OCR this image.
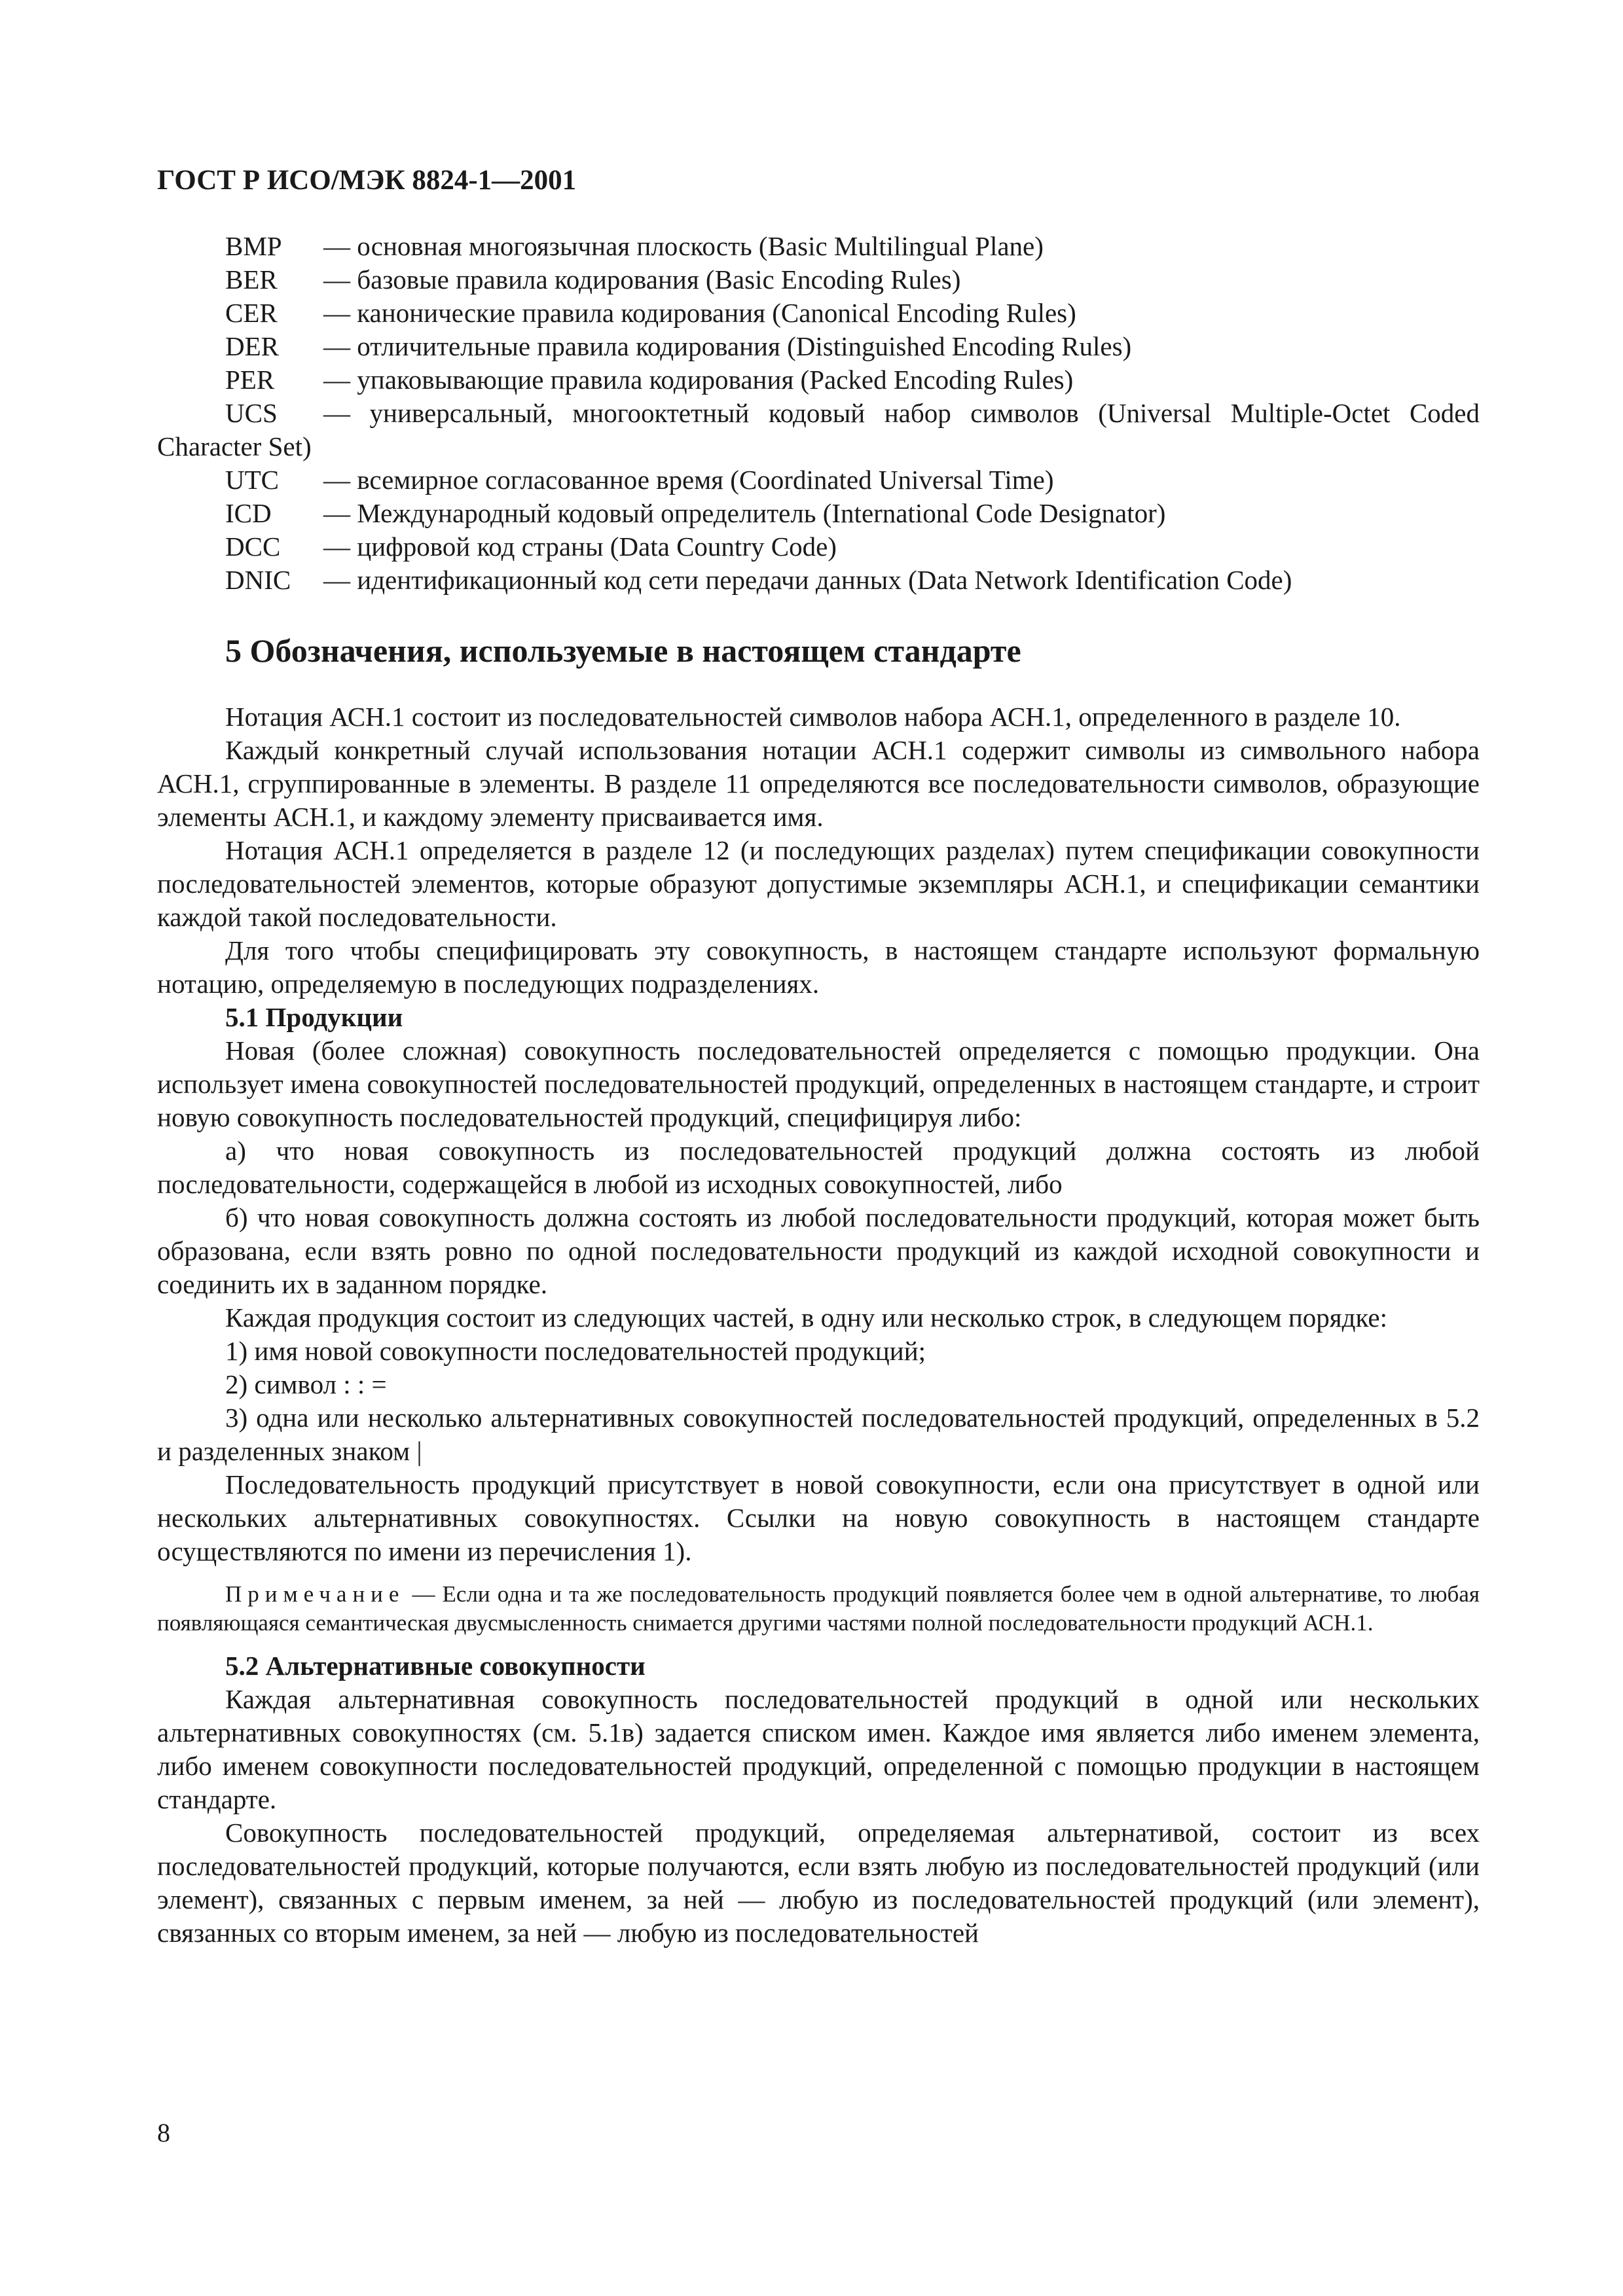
ГОСТ Р ИСО/МЭК 8824-1—2001
BMP	— основная многоязычная плоскость (Basic Multilingual Plane)
BER	— базовые правила кодирования (Basic Encoding Rules)
CER	— канонические правила кодирования (Canonical Encoding Rules)
DER	— отличительные правила кодирования (Distinguished Encoding Rules)
PER	— упаковывающие правила кодирования (Packed Encoding Rules)
UCS — универсальный, многооктетный кодовый набор символов (Universal Multiple-Octet Coded Character Set)
UTC	— всемирное согласованное время (Coordinated Universal Time)
ICD	— Международный кодовый определитель (International Code Designator)
DCC	— цифровой код страны (Data Country Code)
DNIC	— идентификационный код сети передачи данных (Data Network Identification Code)
5 Обозначения, используемые в настоящем стандарте

Нотация АСН.1 состоит из последовательностей символов набора АСН.1, определенного в разделе 10.

Каждый конкретный случай использования нотации АСН.1 содержит символы из символьного набора АСН.1, сгруппированные в элементы. В разделе 11 определяются все последовательности символов, образующие элементы АСН.1, и каждому элементу присваивается имя.

Нотация АСН.1 определяется в разделе 12 (и последующих разделах) путем спецификации совокупности последовательностей элементов, которые образуют допустимые экземпляры АСН.1, и спецификации семантики каждой такой последовательности.

Для того чтобы специфицировать эту совокупность, в настоящем стандарте используют формальную нотацию, определяемую в последующих подразделениях.

5.1 Продукции

Новая (более сложная) совокупность последовательностей определяется с помощью продукции. Она использует имена совокупностей последовательностей продукций, определенных в настоящем стандарте, и строит новую совокупность последовательностей продукций, специфицируя либо:

а) что новая совокупность из последовательностей продукций должна состоять из любой последовательности, содержащейся в любой из исходных совокупностей, либо

б) что новая совокупность должна состоять из любой последовательности продукций, которая может быть образована, если взять ровно по одной последовательности продукций из каждой исходной совокупности и соединить их в заданном порядке.

Каждая продукция состоит из следующих частей, в одну или несколько строк, в следующем порядке:

1) имя новой совокупности последовательностей продукций;

2) символ : : =

3) одна или несколько альтернативных совокупностей последовательностей продукций, определенных в 5.2 и разделенных знаком |

Последовательность продукций присутствует в новой совокупности, если она присутствует в одной или нескольких альтернативных совокупностях. Ссылки на новую совокупность в настоящем стандарте осуществляются по имени из перечисления 1).

Примечание — Если одна и та же последовательность продукций появляется более чем в одной альтернативе, то любая появляющаяся семантическая двусмысленность снимается другими частями полной последовательности продукций АСН.1.
5.2 Альтернативные совокупности

Каждая альтернативная совокупность последовательностей продукций в одной или нескольких альтернативных совокупностях (см. 5.1в) задается списком имен. Каждое имя является либо именем элемента, либо именем совокупности последовательностей продукций, определенной с помощью продукции в настоящем стандарте.

Совокупность последовательностей продукций, определяемая альтернативой, состоит из всех последовательностей продукций, которые получаются, если взять любую из последовательностей продукций (или элемент), связанных с первым именем, за ней — любую из последовательностей продукций (или элемент), связанных со вторым именем, за ней — любую из последовательностей

8
